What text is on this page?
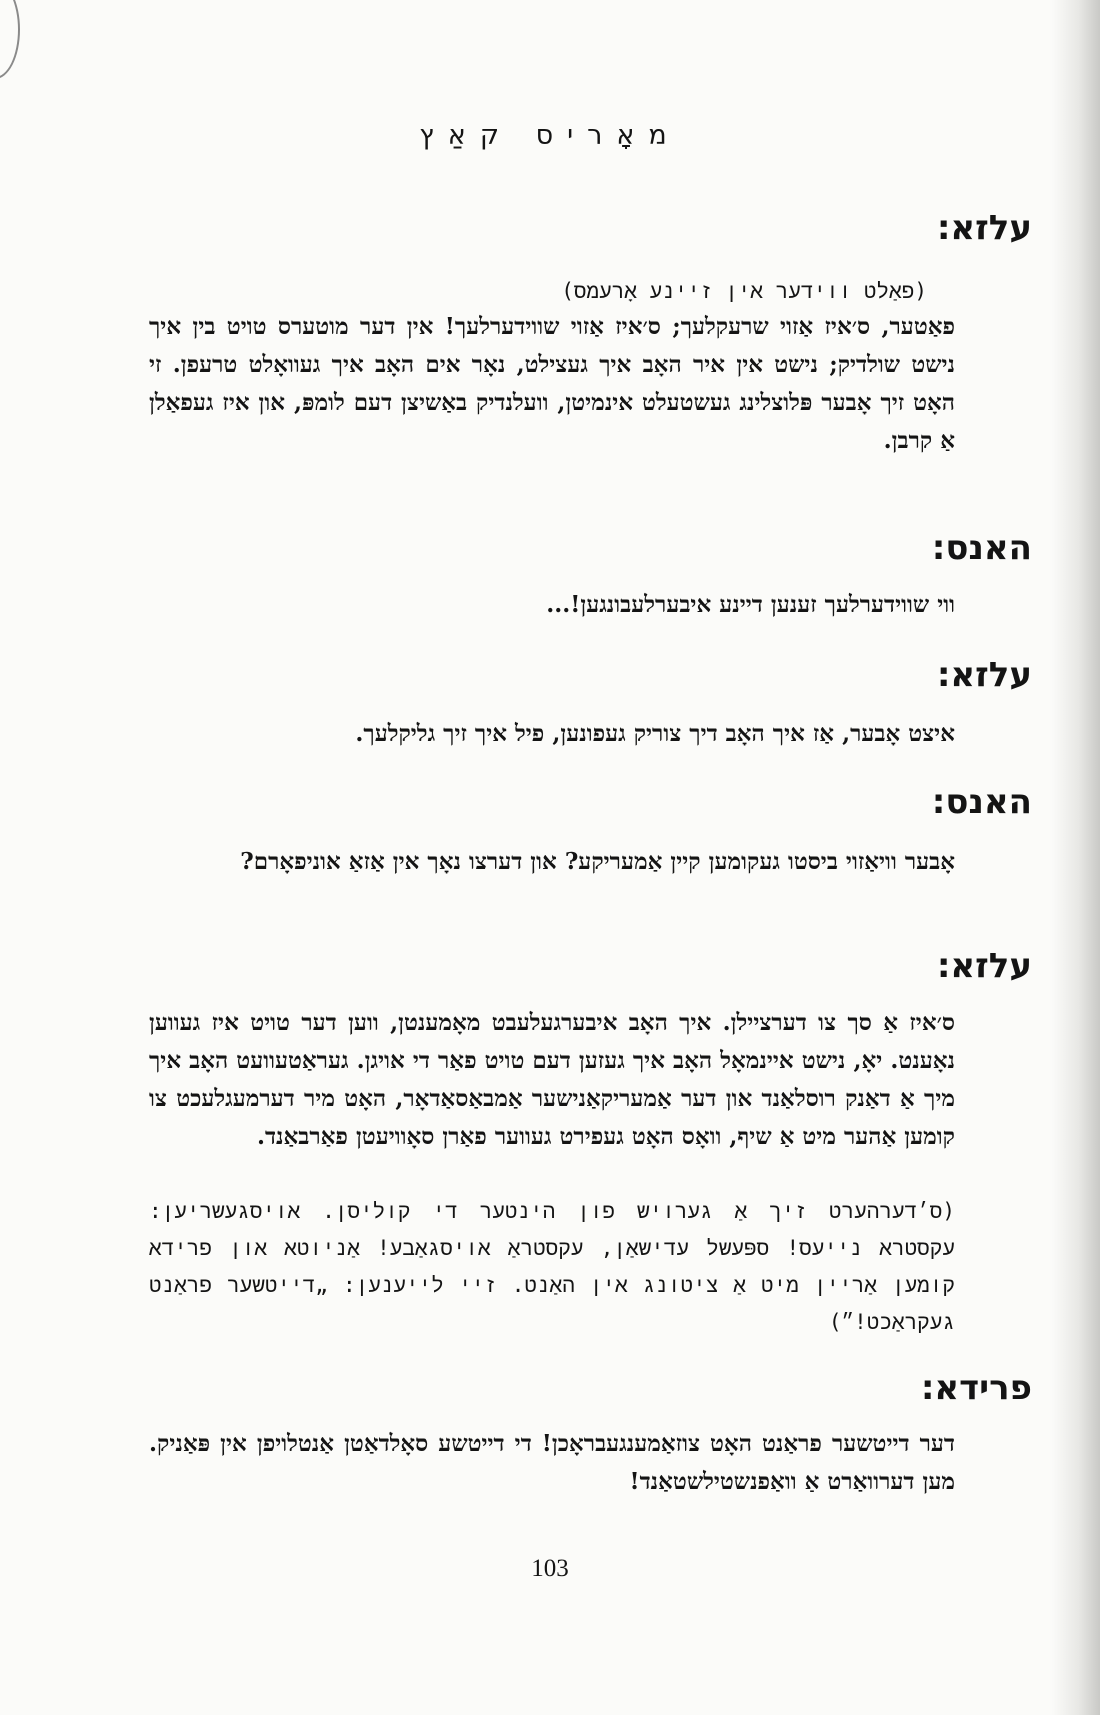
מאָריס קאַץ
עלזא:
(פאַלט ווידער אין זיינע אָרעמס)
פאַטער, ס׳איז אַזוי שרעקלעך; ס׳איז אַזוי שווידערלעך! אין דער מוטערס טויט בין איך נישט שולדיק; נישט אין איר האָב איך געצילט, נאָר אים האָב איך געוואָלט טרעפן. זי האָט זיך אָבער פּלוצלינג געשטעלט אינמיטן, וועלנדיק באַשיצן דעם לומפּ, און איז געפאַלן אַ קרבן.
האנס:
ווי שווידערלעך זענען דיינע איבערלעבונגען!...
עלזא:
איצט אָבער, אַז איך האָב דיך צוריק געפונען, פיל איך זיך גליקלעך.
האנס:
אָבער וויאַזוי ביסטו געקומען קיין אַמעריקע? און דערצו נאָך אין אַזאַ אוניפאָרם?
עלזא:
ס׳איז אַ סך צו דערציילן. איך האָב איבערגעלעבט מאָמענטן, ווען דער טויט איז געווען נאָענט. יאָ, נישט איינמאָל האָב איך געזען דעם טויט פאַר די אויגן. געראַטעוועט האָב איך מיך אַ דאַנק רוסלאַנד און דער אַמעריקאַנישער אַמבאַסאַדאָר, האָט מיר דערמעגלעכט צו קומען אַהער מיט אַ שיף, וואָס האָט געפירט געווער פאַרן סאָוויעטן פאַרבאַנד.
(ס׳דערהערט זיך אַ גערויש פון הינטער די קוליסן. אויסגעשריען: עקסטרא נייעס! ספּעשל עדישאַן, עקסטראַ אויסגאַבע! אַניוטא און פרידא קומען אַריין מיט אַ ציטונג אין האַנט. זיי לייענען: „דייטשער פראַנט געקראַכט!״)
פרידא:
דער דייטשער פראַנט האָט צוזאַמענגעבראָכן! די דייטשע סאָלדאַטן אַנטלויפן אין פּאַניק. מען דערוואַרט אַ וואַפנשטילשטאַנד!
103
